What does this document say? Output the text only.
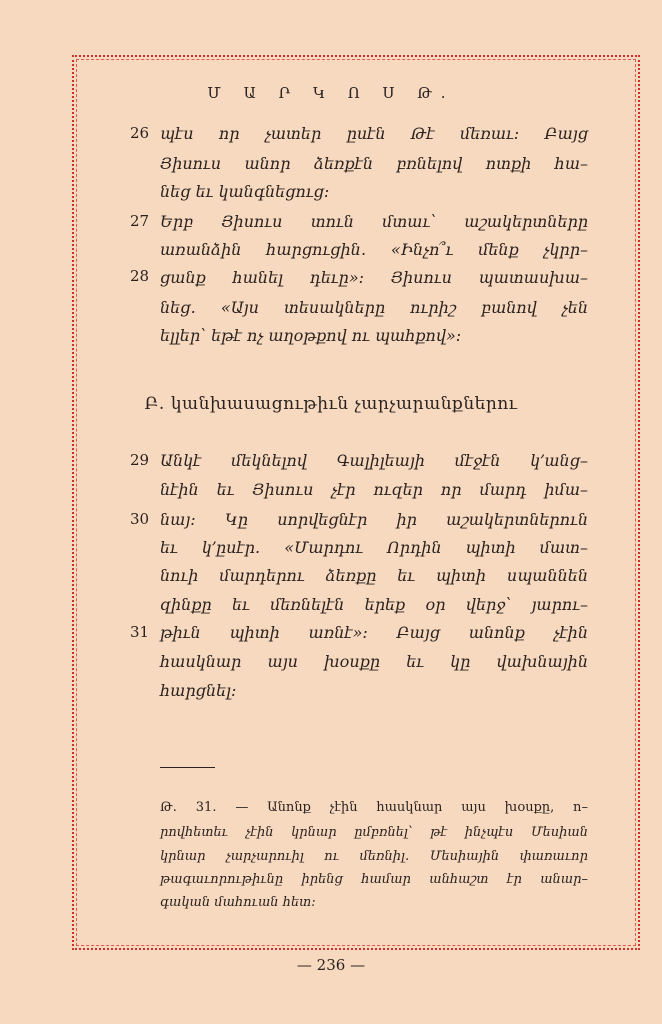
Մ Ա Ր Կ Ո Ս Թ.
26
27
28
29
30
31
պէս որ չատեր ըսէն Թէ մեռաւ։ Բայց
Յիսուս անոր ձեռքէն բռնելով ոտքի հա–
նեց եւ կանգնեցուց։
Երբ Յիսուս տուն մտաւ՝ աշակերտները
առանձին հարցուցին․ «Ինչո՞ւ մենք չկրր–
ցանք հանել դեւը»։ Յիսուս պատասխա–
նեց․ «Այս տեսակները ուրիշ բանով չեն
ելլեր՝ եթէ ոչ աղօթքով ու պահքով»։
Բ․ կանխասացութիւն չարչարանքներու
Անկէ մեկնելով Գալիլեայի մէջէն կ՚անց–
նէին եւ Յիսուս չէր ուզեր որ մարդ իմա–
նայ։ Կը սորվեցնէր իր աշակերտներուն
եւ կ՚ըսէր․ «Մարդու Որդին պիտի մատ–
նուի մարդերու ձեռքը եւ պիտի սպաննեն
զինքը եւ մեռնելէն երեք օր վերջ՝ յարու–
թիւն պիտի առնէ»։ Բայց անոնք չէին
հասկնար այս խօսքը եւ կը վախնային
հարցնել։
Թ․ 31․ — Անոնք չէին հասկնար այս խօսքը, ո–
րովհետեւ չէին կրնար ըմբռնել՝ թէ ինչպէս Մեսիան
կրնար չարչարուիլ ու մեռնիլ․ Մեսիային փառաւոր
թագաւորութիւնը իրենց համար անհաշտ էր անար–
գական մահուան հետ։
— 236 —
